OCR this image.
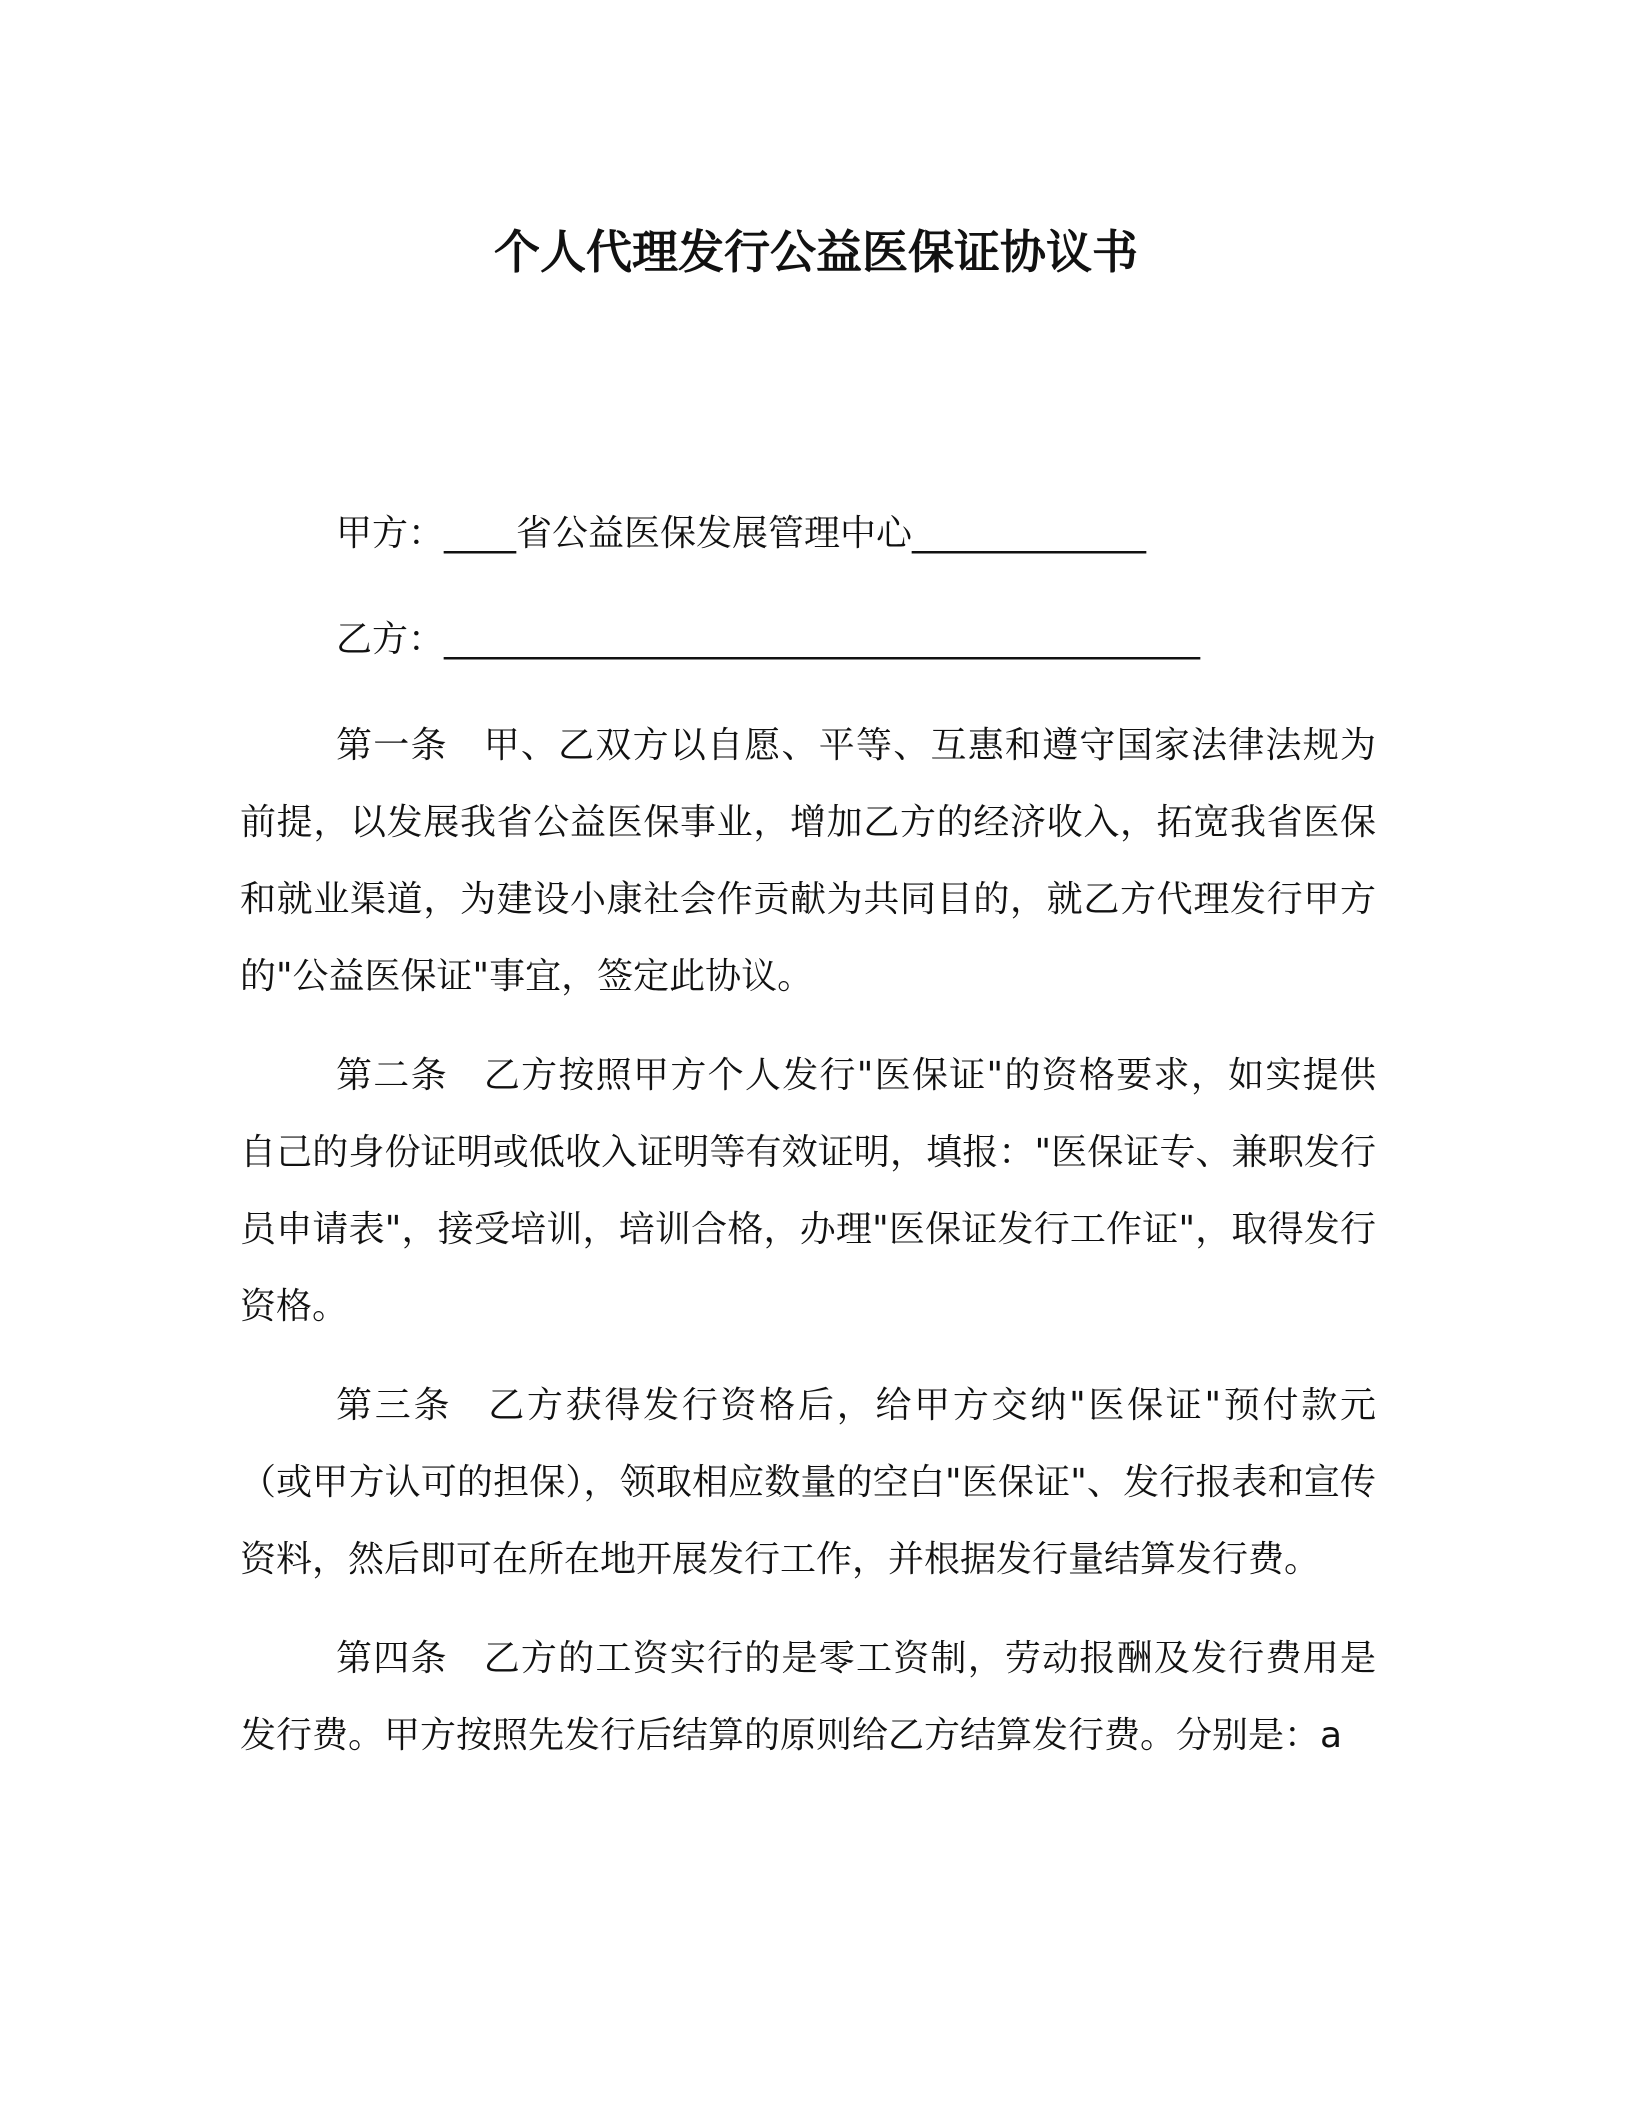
个人代理发行公益医保证协议书

甲方：____省公益医保发展管理中心_____________

乙方：__________________________________________

第一条 甲、乙双方以自愿、平等、互惠和遵守国家法律法规为前提，以发展我省公益医保事业，增加乙方的经济收入，拓宽我省医保和就业渠道，为建设小康社会作贡献为共同目的，就乙方代理发行甲方的"公益医保证"事宜，签定此协议。

第二条 乙方按照甲方个人发行"医保证"的资格要求，如实提供自己的身份证明或低收入证明等有效证明，填报："医保证专、兼职发行员申请表"，接受培训，培训合格，办理"医保证发行工作证"，取得发行资格。

第三条 乙方获得发行资格后，给甲方交纳"医保证"预付款元（或甲方认可的担保），领取相应数量的空白"医保证"、发行报表和宣传资料，然后即可在所在地开展发行工作，并根据发行量结算发行费。

第四条 乙方的工资实行的是零工资制，劳动报酬及发行费用是发行费。甲方按照先发行后结算的原则给乙方结算发行费。分别是：a
